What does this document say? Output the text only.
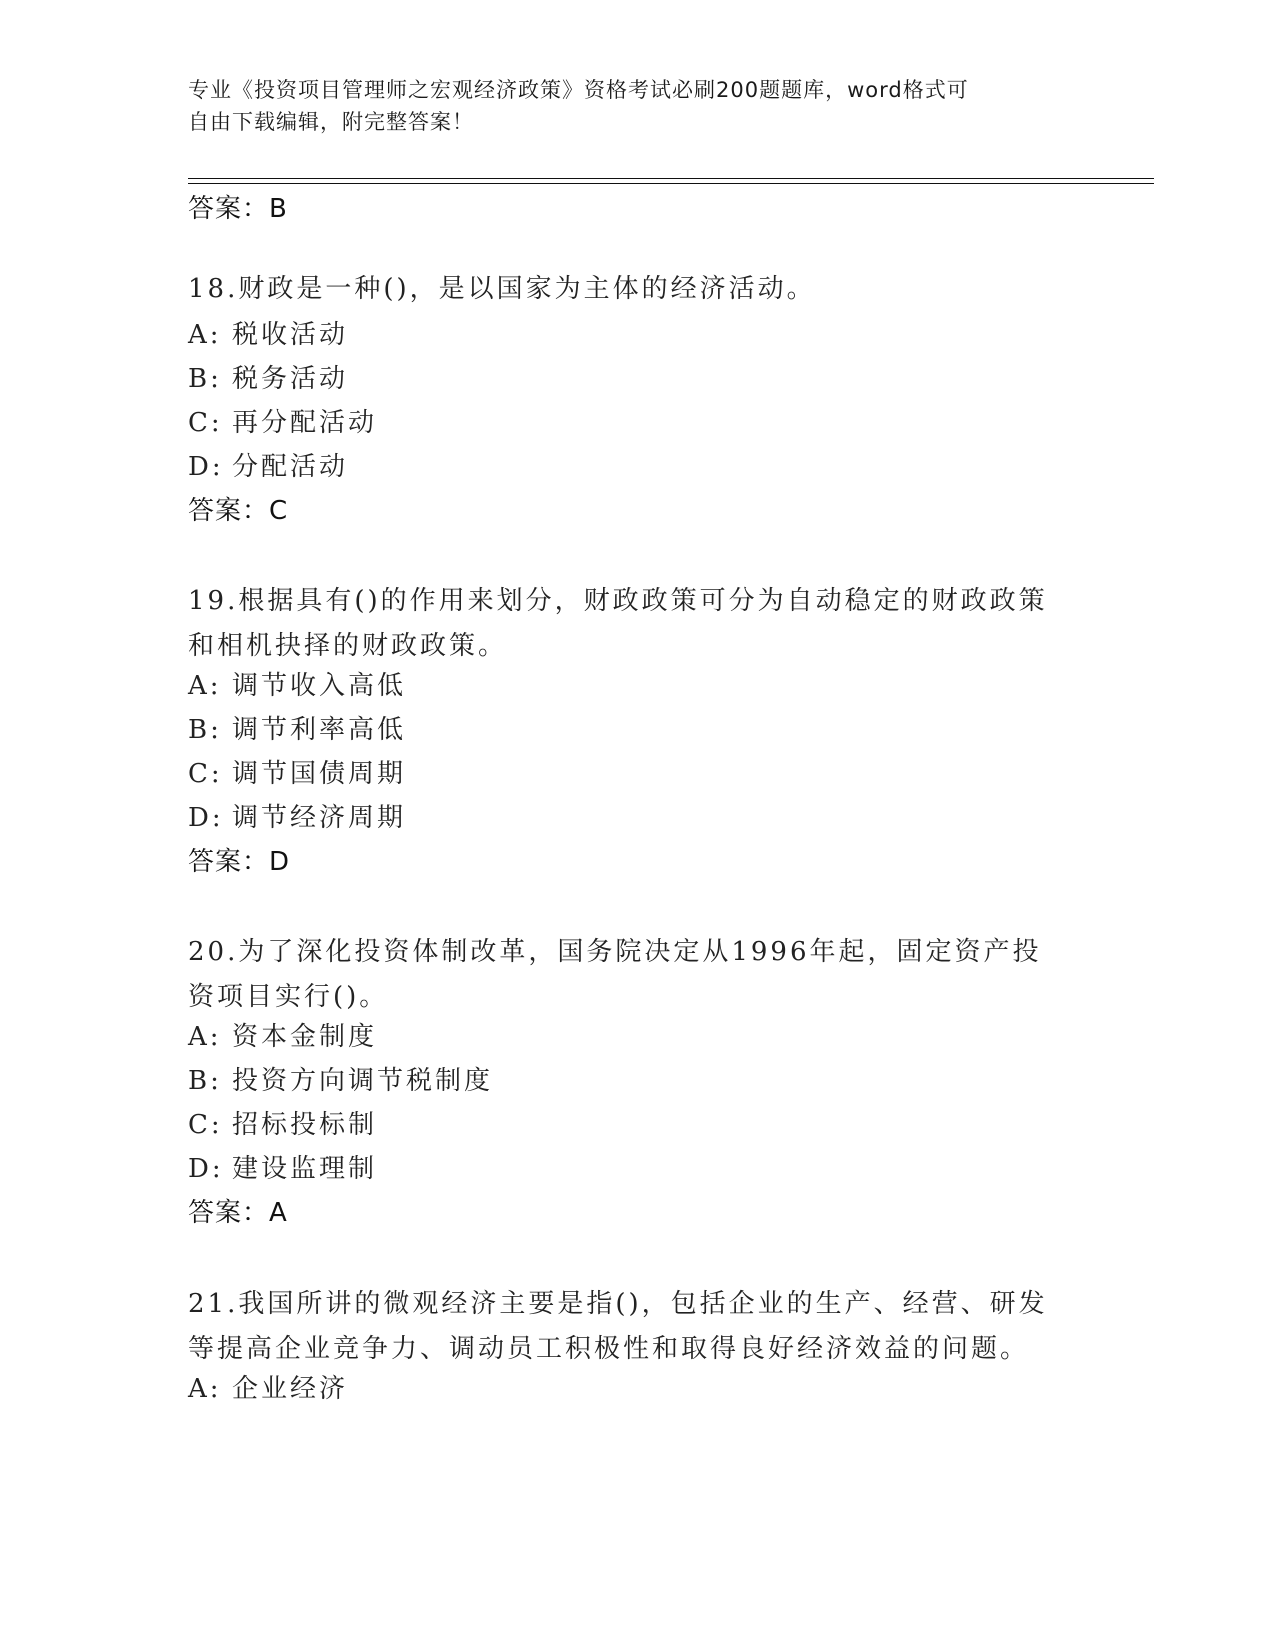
专业《投资项目管理师之宏观经济政策》资格考试必刷200题题库，word格式可
自由下载编辑，附完整答案！
答案：B
18.财政是一种()，是以国家为主体的经济活动。
A: 税收活动
B: 税务活动
C: 再分配活动
D: 分配活动
答案：C
19.根据具有()的作用来划分，财政政策可分为自动稳定的财政政策和相机抉择的财政政策。
A: 调节收入高低
B: 调节利率高低
C: 调节国债周期
D: 调节经济周期
答案：D
20.为了深化投资体制改革，国务院决定从1996年起，固定资产投资项目实行()。
A: 资本金制度
B: 投资方向调节税制度
C: 招标投标制
D: 建设监理制
答案：A
21.我国所讲的微观经济主要是指()，包括企业的生产、经营、研发等提高企业竞争力、调动员工积极性和取得良好经济效益的问题。
A: 企业经济
